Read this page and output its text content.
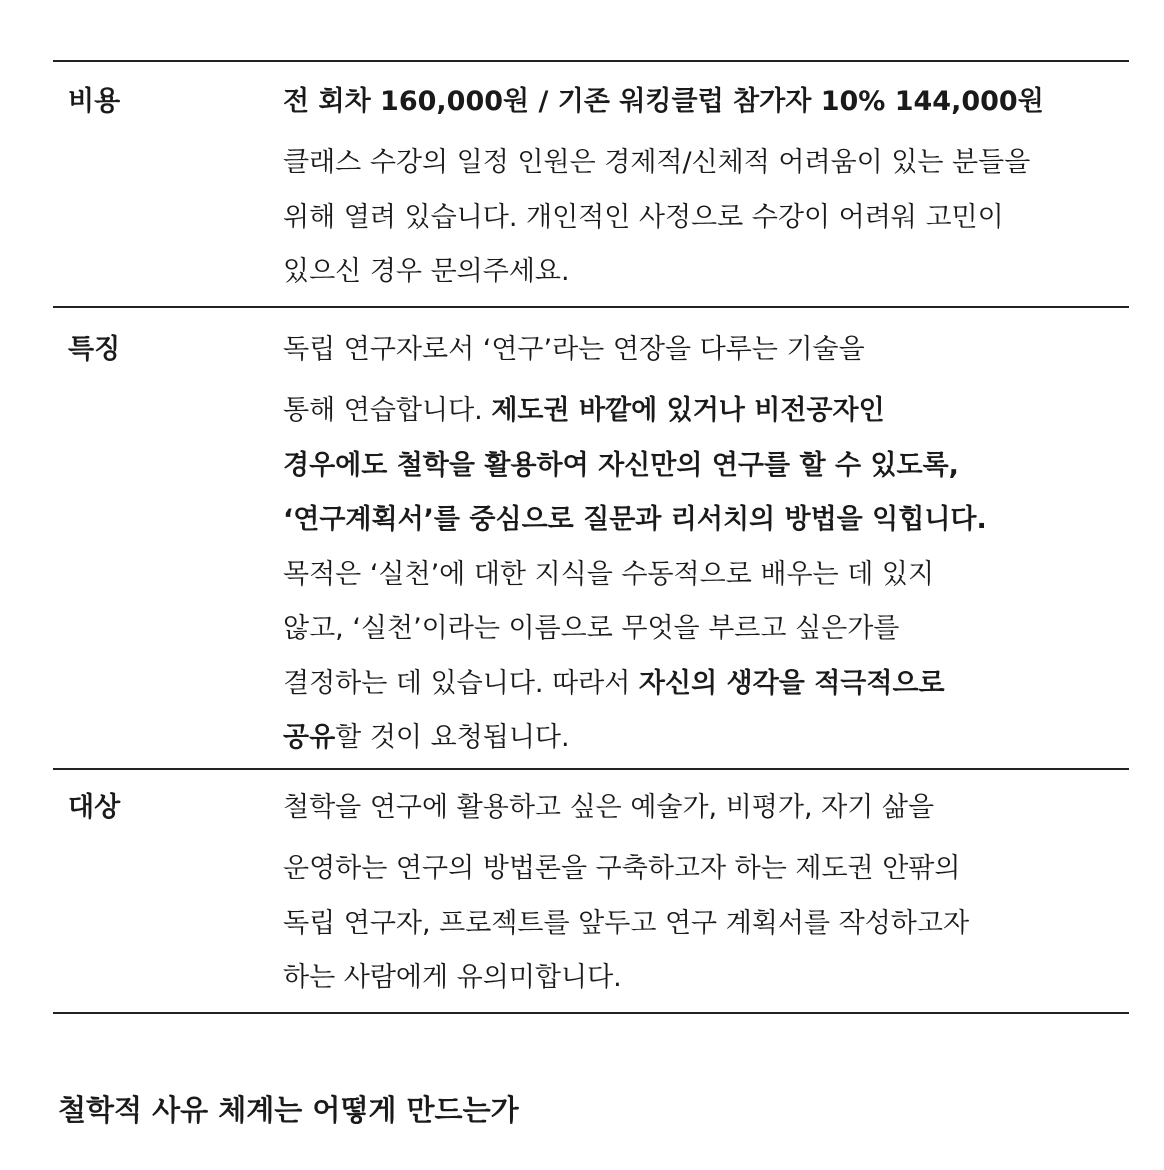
비용	전 회차 160,000원 / 기존 워킹클럽 참가자 10% 144,000원
클래스 수강의 일정 인원은 경제적/신체적 어려움이 있는 분들을
위해 열려 있습니다. 개인적인 사정으로 수강이 어려워 고민이
있으신 경우 문의주세요.
특징	독립 연구자로서 ‘연구’라는 연장을 다루는 기술을
통해 연습합니다. 제도권 바깥에 있거나 비전공자인
경우에도 철학을 활용하여 자신만의 연구를 할 수 있도록,
‘연구계획서’를 중심으로 질문과 리서치의 방법을 익힙니다.
목적은 ‘실천’에 대한 지식을 수동적으로 배우는 데 있지
않고, ‘실천’이라는 이름으로 무엇을 부르고 싶은가를
결정하는 데 있습니다. 따라서 자신의 생각을 적극적으로
공유할 것이 요청됩니다.
대상	철학을 연구에 활용하고 싶은 예술가, 비평가, 자기 삶을
운영하는 연구의 방법론을 구축하고자 하는 제도권 안팎의
독립 연구자, 프로젝트를 앞두고 연구 계획서를 작성하고자
하는 사람에게 유의미합니다.
철학적 사유 체계는 어떻게 만드는가
